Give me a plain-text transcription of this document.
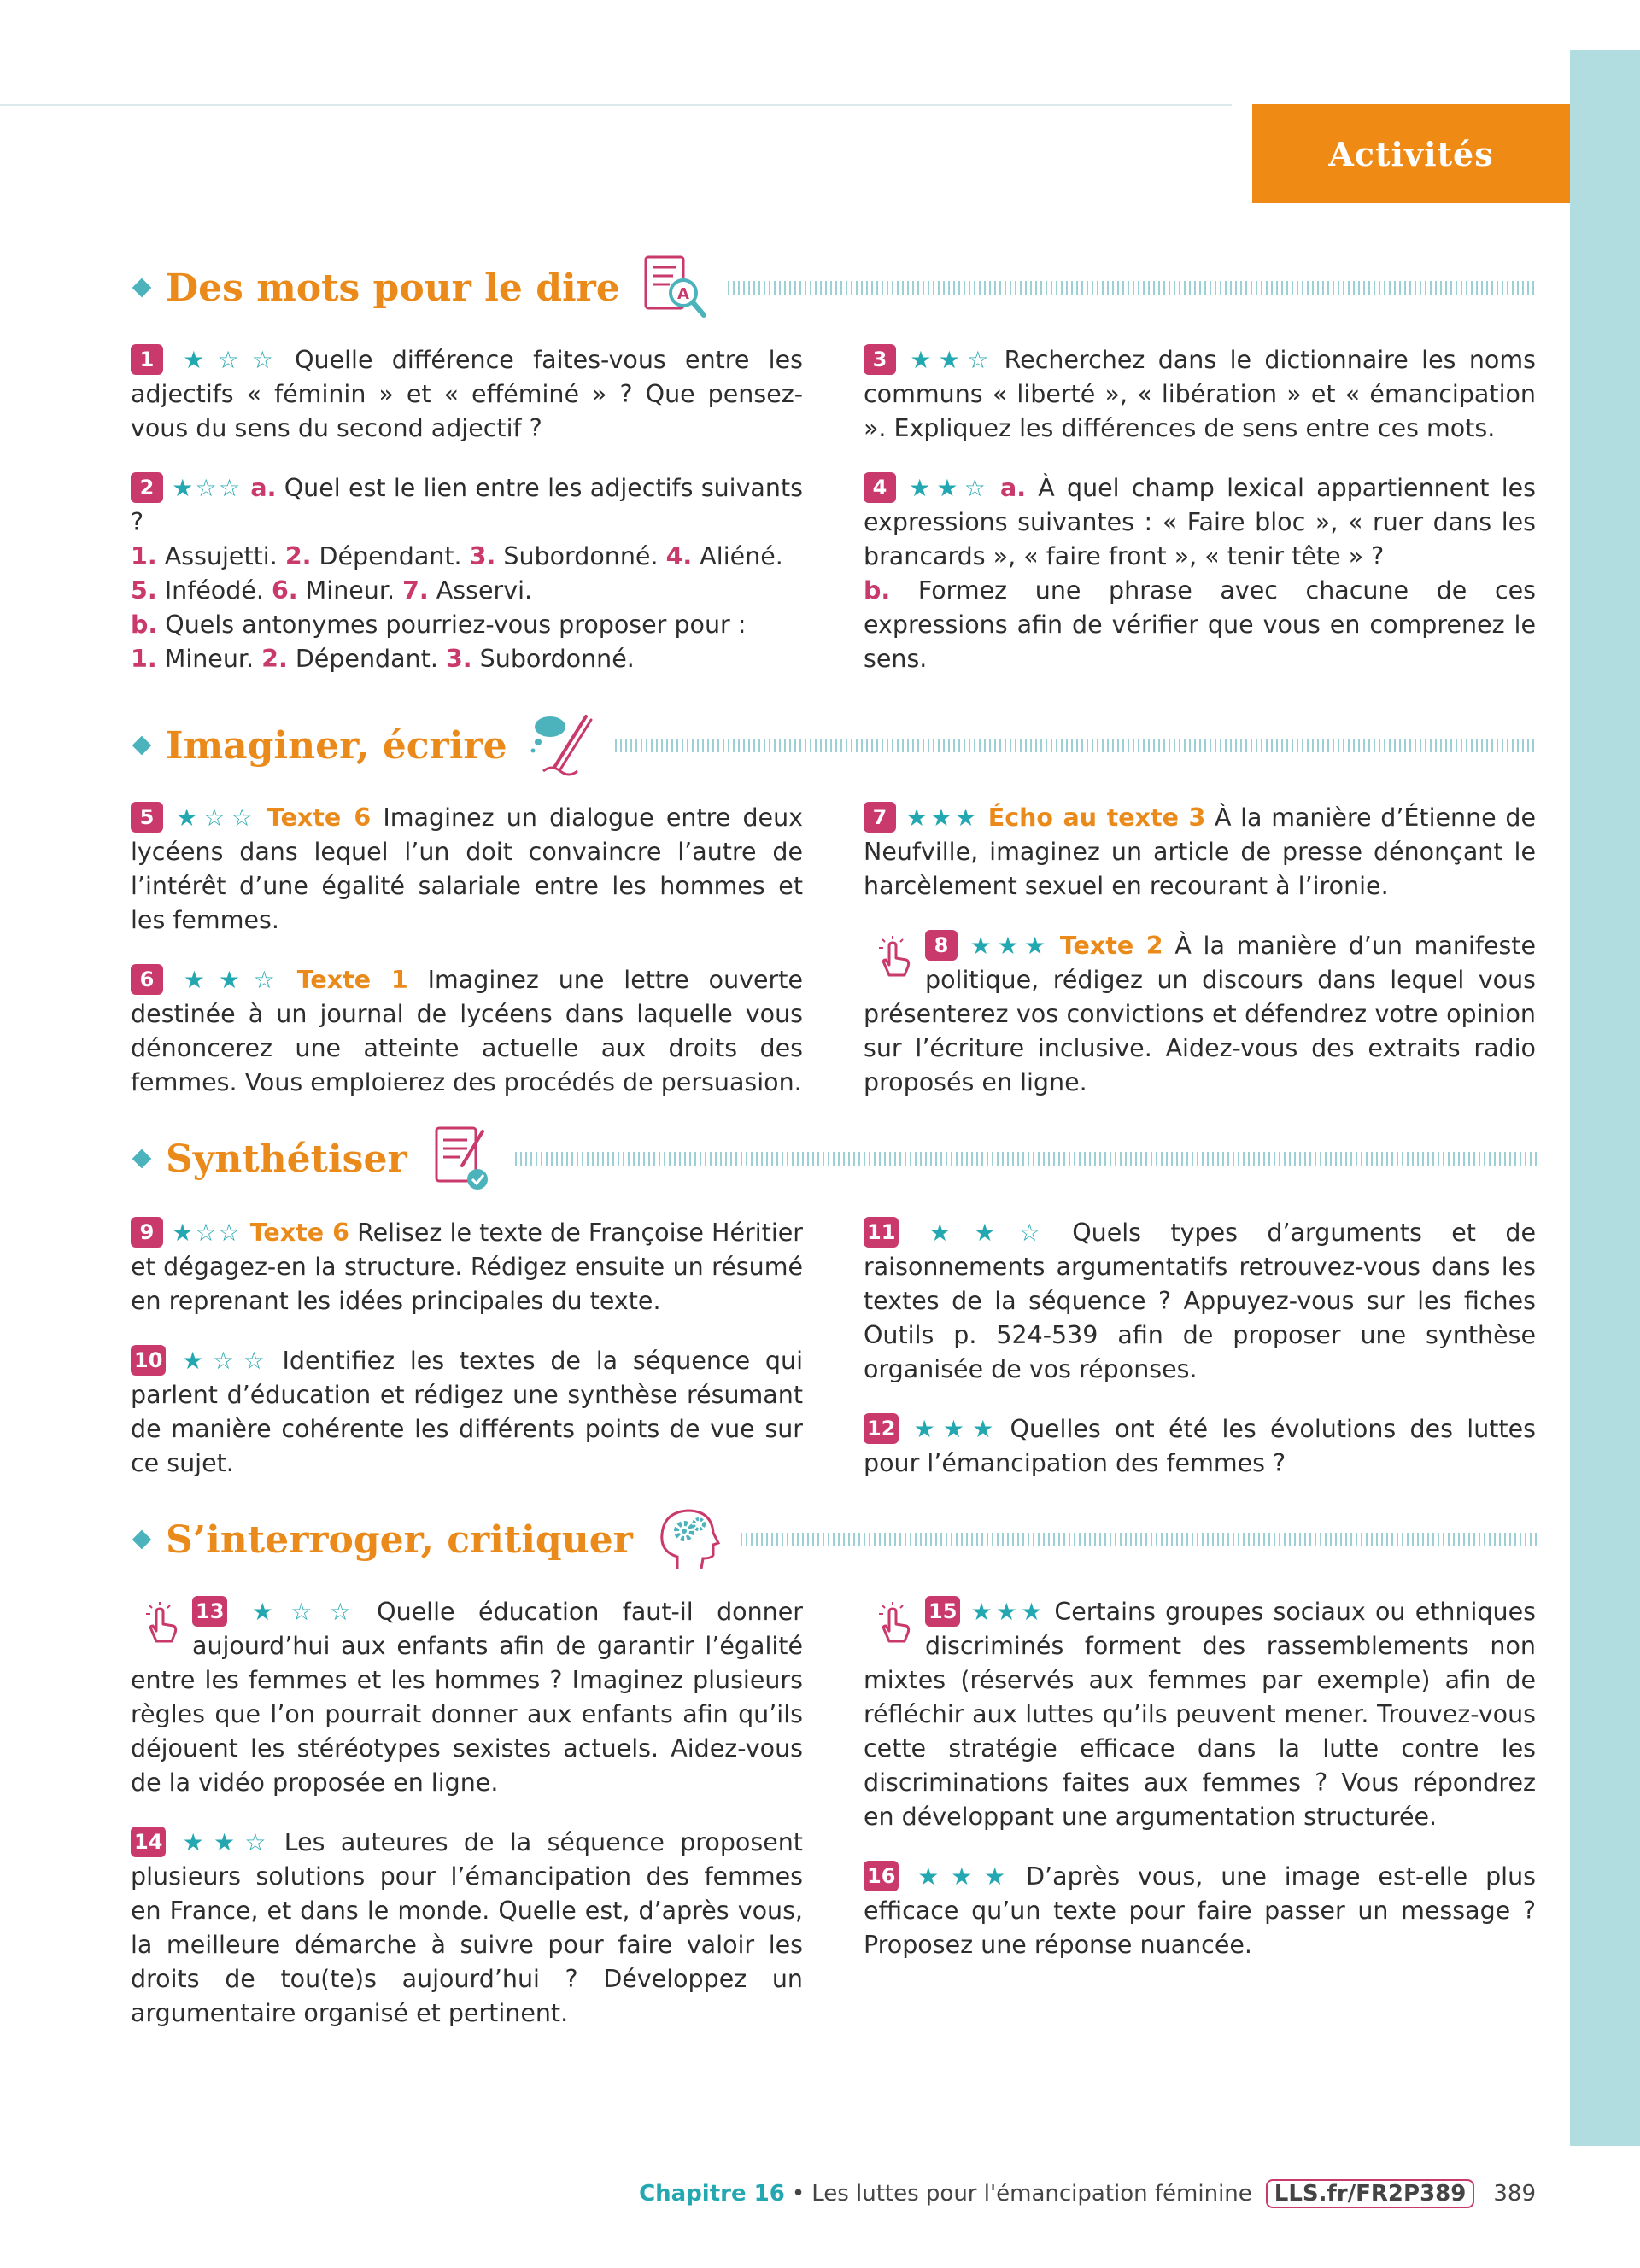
Activités
Des mots pour le dire	A
Imaginer, écrire
Synthétiser
S’interroger, critiquer

1 ★☆☆ Quelle différence faites-vous entre les adjectifs « féminin » et « efféminé » ? Que pensez-vous du sens du second adjectif ?

2 ★☆☆ a. Quel est le lien entre les adjectifs suivants ?
1. Assujetti. 2. Dépendant. 3. Subordonné. 4. Aliéné.
5. Inféodé. 6. Mineur. 7. Asservi.
b. Quels antonymes pourriez-vous proposer pour :
1. Mineur. 2. Dépendant. 3. Subordonné.

3 ★★☆ Recherchez dans le dictionnaire les noms communs « liberté », « libération » et « émancipation ». Expliquez les différences de sens entre ces mots.

4 ★★☆ a. À quel champ lexical appartiennent les expressions suivantes : « Faire bloc », « ruer dans les brancards », « faire front », « tenir tête » ?
b. Formez une phrase avec chacune de ces expressions afin de vérifier que vous en comprenez le sens.

5 ★☆☆ Texte 6 Imaginez un dialogue entre deux lycéens dans lequel l’un doit convaincre l’autre de l’intérêt d’une égalité salariale entre les hommes et les femmes.

6 ★★☆ Texte 1 Imaginez une lettre ouverte destinée à un journal de lycéens dans laquelle vous dénoncerez une atteinte actuelle aux droits des femmes. Vous emploierez des procédés de persuasion.

7 ★★★ Écho au texte 3 À la manière d’Étienne de Neufville, imaginez un article de presse dénonçant le harcèlement sexuel en recourant à l’ironie.

8 ★★★ Texte 2 À la manière d’un manifeste politique, rédigez un discours dans lequel vous présenterez vos convictions et défendrez votre opinion sur l’écriture inclusive. Aidez-vous des extraits radio proposés en ligne.

9 ★☆☆ Texte 6 Relisez le texte de Françoise Héritier et dégagez-en la structure. Rédigez ensuite un résumé en reprenant les idées principales du texte.

10 ★☆☆ Identifiez les textes de la séquence qui parlent d’éducation et rédigez une synthèse résumant de manière cohérente les différents points de vue sur ce sujet.

11 ★★☆ Quels types d’arguments et de raisonnements argumentatifs retrouvez-vous dans les textes de la séquence ? Appuyez-vous sur les fiches Outils p. 524-539 afin de proposer une synthèse organisée de vos réponses.

12 ★★★ Quelles ont été les évolutions des luttes pour l’émancipation des femmes ?

13 ★☆☆ Quelle éducation faut-il donner aujourd’hui aux enfants afin de garantir l’égalité entre les femmes et les hommes ? Imaginez plusieurs règles que l’on pourrait donner aux enfants afin qu’ils déjouent les stéréotypes sexistes actuels. Aidez-vous de la vidéo proposée en ligne.

14 ★★☆ Les auteures de la séquence proposent plusieurs solutions pour l’émancipation des femmes en France, et dans le monde. Quelle est, d’après vous, la meilleure démarche à suivre pour faire valoir les droits de tou(te)s aujourd’hui ? Développez un argumentaire organisé et pertinent.

15 ★★★ Certains groupes sociaux ou ethniques discriminés forment des rassemblements non mixtes (réservés aux femmes par exemple) afin de réfléchir aux luttes qu’ils peuvent mener. Trouvez-vous cette stratégie efficace dans la lutte contre les discriminations faites aux femmes ? Vous répondrez en développant une argumentation structurée.

16 ★★★ D’après vous, une image est-elle plus efficace qu’un texte pour faire passer un message ? Proposez une réponse nuancée.

Chapitre 16 • Les luttes pour l'émancipation féminine	LLS.fr/FR2P389	389
